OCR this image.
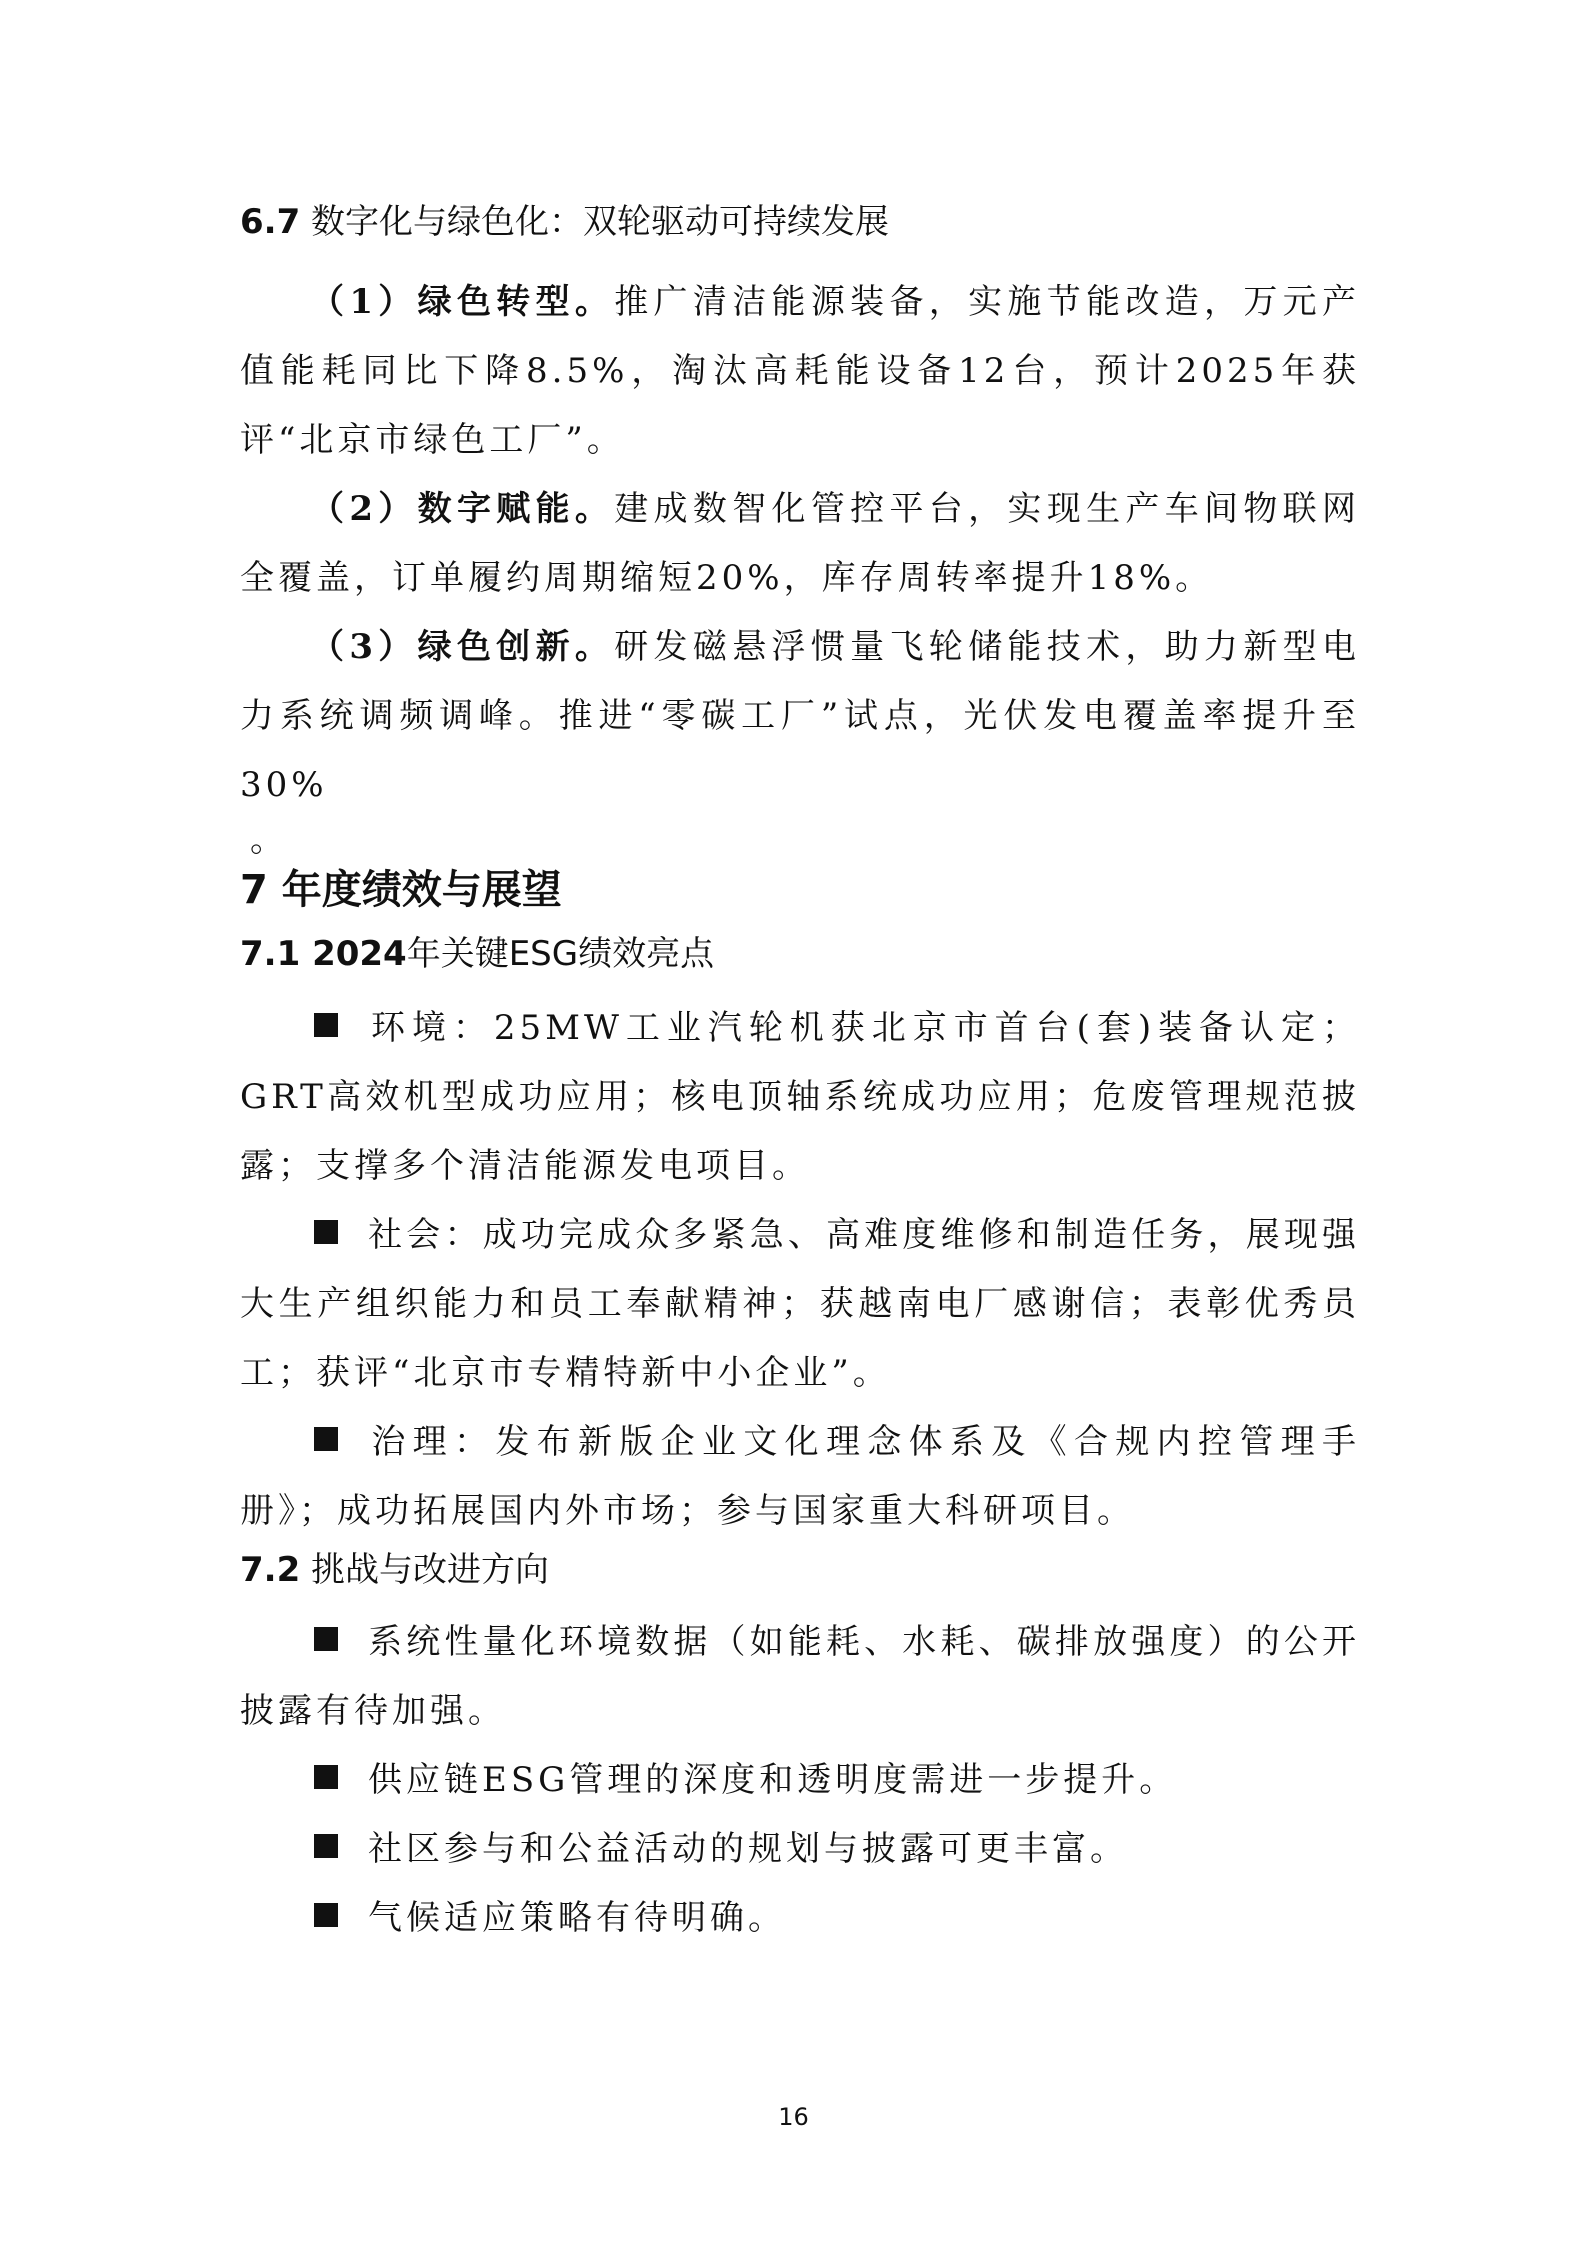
6.7 数字化与绿色化：双轮驱动可持续发展

（1）绿色转型。推广清洁能源装备，实施节能改造，万元产值能耗同比下降8.5%，淘汰高耗能设备12台，预计2025年获评“北京市绿色工厂”。

（2）数字赋能。建成数智化管控平台，实现生产车间物联网全覆盖，订单履约周期缩短20%，库存周转率提升18%。

（3）绿色创新。研发磁悬浮惯量飞轮储能技术，助力新型电力系统调频调峰。推进“零碳工厂”试点，光伏发电覆盖率提升至30%

。

7 年度绩效与展望
7.1 2024年关键ESG绩效亮点

环境：25MW工业汽轮机获北京市首台(套)装备认定；GRT高效机型成功应用；核电顶轴系统成功应用；危废管理规范披露；支撑多个清洁能源发电项目。

社会：成功完成众多紧急、高难度维修和制造任务，展现强大生产组织能力和员工奉献精神；获越南电厂感谢信；表彰优秀员工；获评“北京市专精特新中小企业”。

治理：发布新版企业文化理念体系及《合规内控管理手册》；成功拓展国内外市场；参与国家重大科研项目。

7.2 挑战与改进方向

系统性量化环境数据（如能耗、水耗、碳排放强度）的公开披露有待加强。

供应链ESG管理的深度和透明度需进一步提升。

社区参与和公益活动的规划与披露可更丰富。

气候适应策略有待明确。

16
